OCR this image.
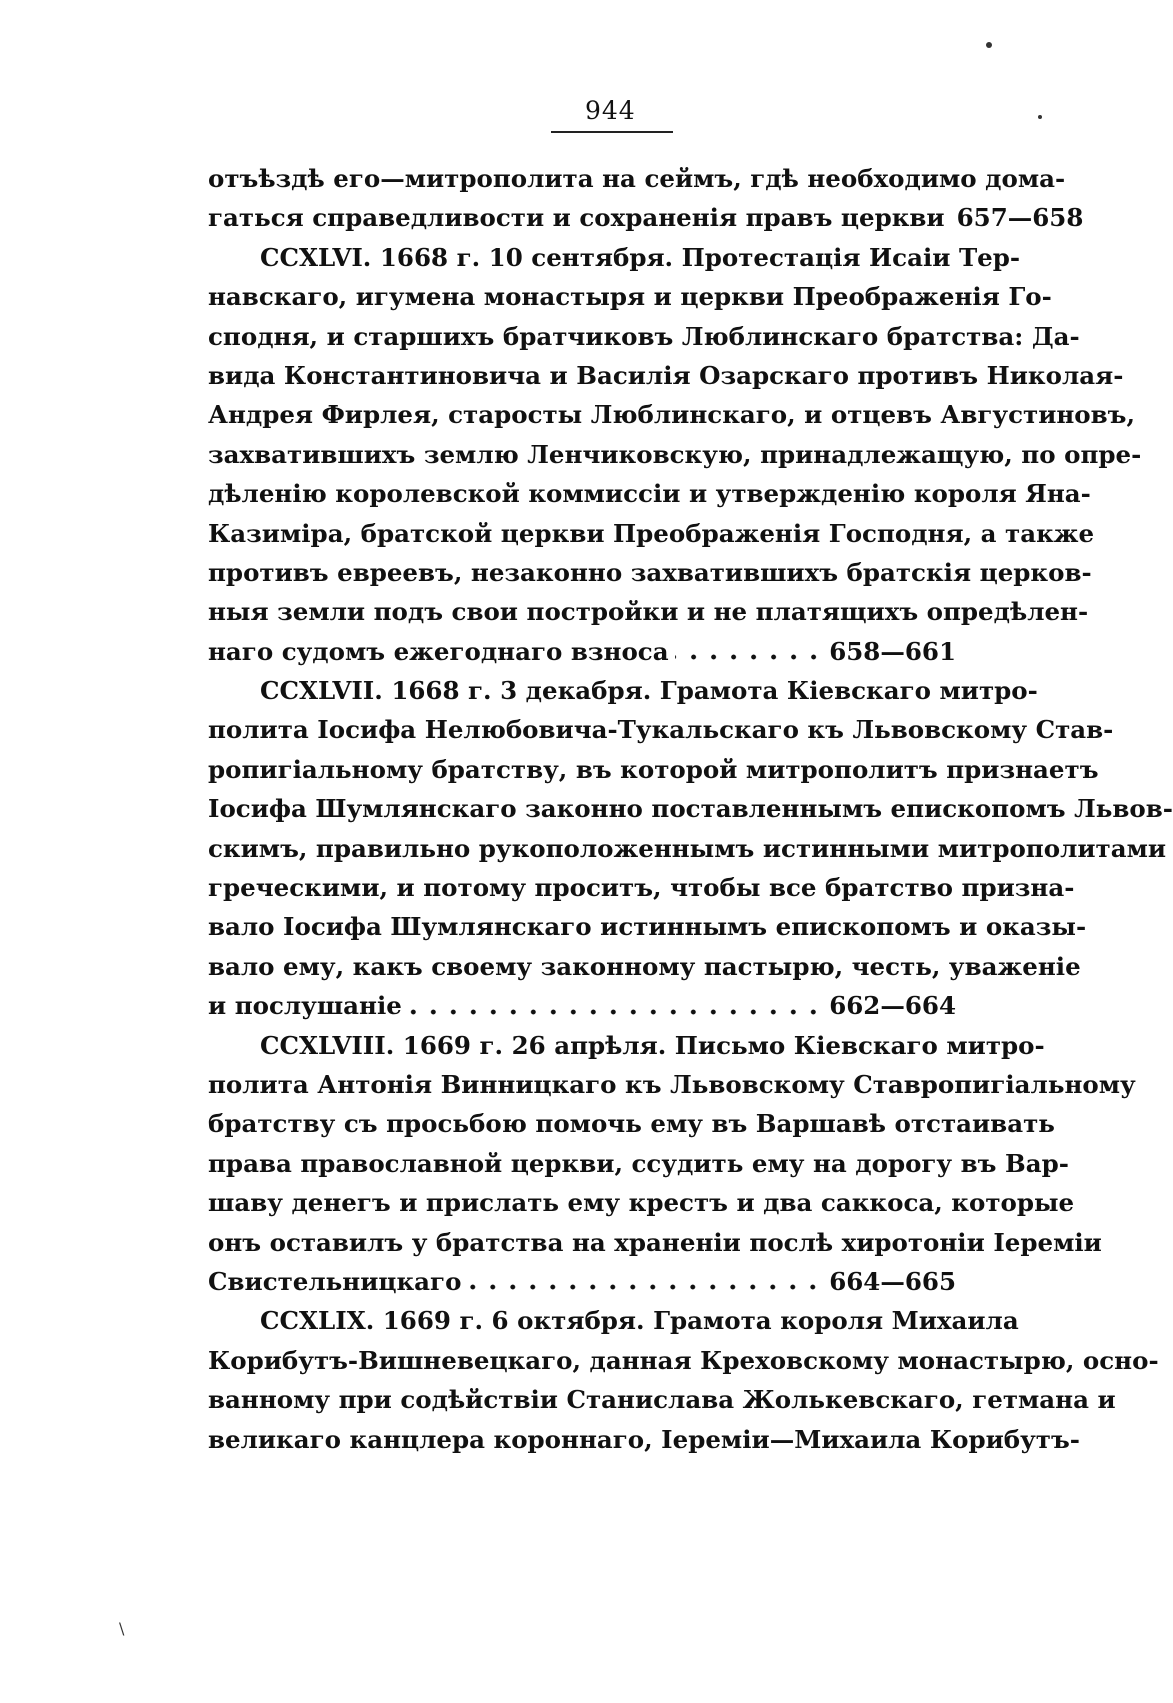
944
\
отъѣздѣ его—митрополита на сеймъ, гдѣ необходимо дома-
гаться справедливости и сохраненія правъ церкви 657—658
CCXLVI. 1668 г. 10 сентября. Протестація Исаіи Тер-
навскаго, игумена монастыря и церкви Преображенія Го-
сподня, и старшихъ братчиковъ Люблинскаго братства: Да-
вида Константиновича и Василія Озарскаго противъ Николая-
Андрея Фирлея, старосты Люблинскаго, и отцевъ Августиновъ,
захватившихъ землю Ленчиковскую, принадлежащую, по опре-
дѣленію королевской коммиссіи и утвержденію короля Яна-
Казиміра, братской церкви Преображенія Господня, а также
противъ евреевъ, незаконно захватившихъ братскія церков-
ныя земли подъ свои постройки и не платящихъ опредѣлен-
наго судомъ ежегоднаго взноса	658—661
CCXLVII. 1668 г. 3 декабря. Грамота Кіевскаго митро-
полита Іосифа Нелюбовича-Тукальскаго къ Львовскому Став-
ропигіальному братству, въ которой митрополитъ признаетъ
Іосифа Шумлянскаго законно поставленнымъ епископомъ Львов-
скимъ, правильно рукоположеннымъ истинными митрополитами
греческими, и потому проситъ, чтобы все братство призна-
вало Іосифа Шумлянскаго истиннымъ епископомъ и оказы-
вало ему, какъ своему законному пастырю, честь, уваженіе
и послушаніе	662—664
CCXLVIII. 1669 г. 26 апрѣля. Письмо Кіевскаго митро-
полита Антонія Винницкаго къ Львовскому Ставропигіальному
братству съ просьбою помочь ему въ Варшавѣ отстаивать
права православной церкви, ссудить ему на дорогу въ Вар-
шаву денегъ и прислать ему крестъ и два саккоса, которые
онъ оставилъ у братства на храненіи послѣ хиротоніи Іереміи
Свистельницкаго	664—665
CCXLIX. 1669 г. 6 октября. Грамота короля Михаила
Корибутъ-Вишневецкаго, данная Креховскому монастырю, осно-
ванному при содѣйствіи Станислава Жолькевскаго, гетмана и
великаго канцлера короннаго, Іереміи—Михаила Корибутъ-
